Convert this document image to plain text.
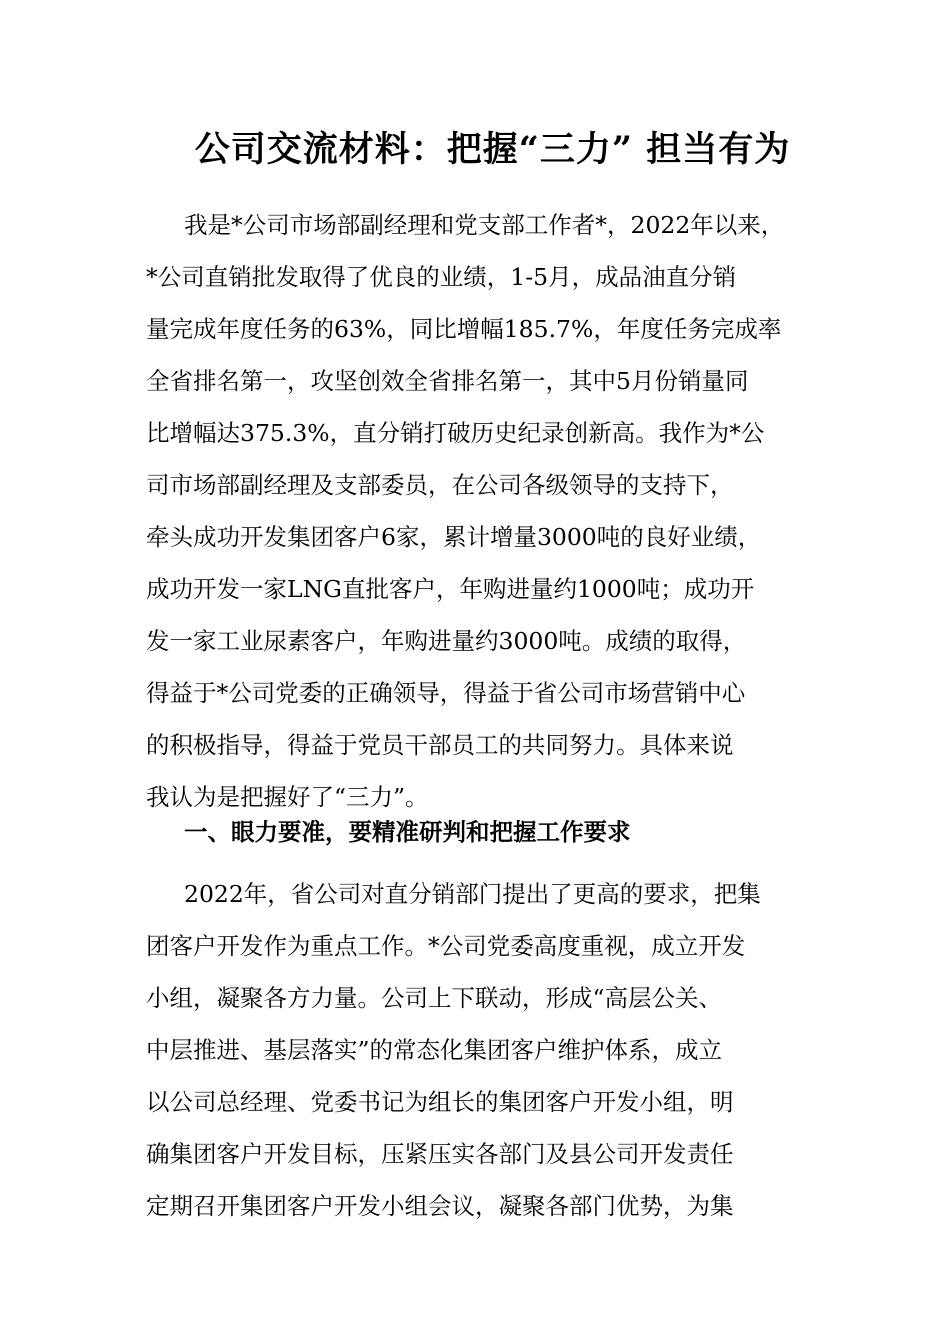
公司交流材料：把握“三力” 担当有为
我是*公司市场部副经理和党支部工作者*，2022年以来，
*公司直销批发取得了优良的业绩，1-5月，成品油直分销
量完成年度任务的63%，同比增幅185.7%，年度任务完成率
全省排名第一，攻坚创效全省排名第一，其中5月份销量同
比增幅达375.3%，直分销打破历史纪录创新高。我作为*公
司市场部副经理及支部委员，在公司各级领导的支持下，
牵头成功开发集团客户6家，累计增量3000吨的良好业绩，
成功开发一家LNG直批客户，年购进量约1000吨；成功开
发一家工业尿素客户，年购进量约3000吨。成绩的取得，
得益于*公司党委的正确领导，得益于省公司市场营销中心
的积极指导，得益于党员干部员工的共同努力。具体来说
我认为是把握好了“三力”。
一、眼力要准，要精准研判和把握工作要求
2022年，省公司对直分销部门提出了更高的要求，把集
团客户开发作为重点工作。*公司党委高度重视，成立开发
小组，凝聚各方力量。公司上下联动，形成“高层公关、
中层推进、基层落实”的常态化集团客户维护体系，成立
以公司总经理、党委书记为组长的集团客户开发小组，明
确集团客户开发目标，压紧压实各部门及县公司开发责任
定期召开集团客户开发小组会议，凝聚各部门优势，为集
